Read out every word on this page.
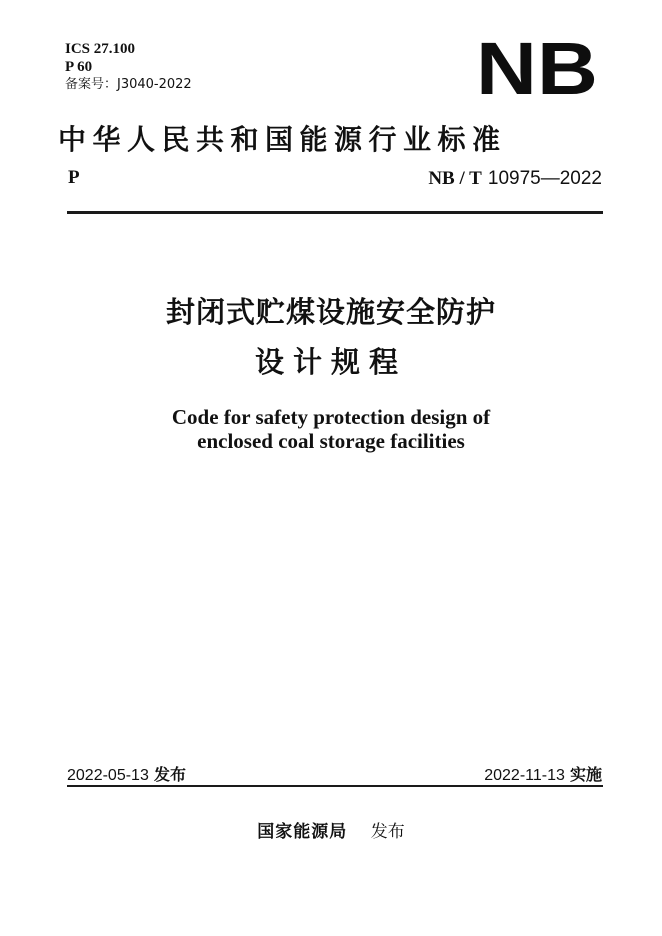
ICS 27.100

P 60

备案号：J3040-2022	NB
中华人民共和国能源行业标准
P	NB / T 10975—2022
封闭式贮煤设施安全防护
设计规程
Code for safety protection design of
enclosed coal storage facilities
2022-05-13 发布	2022-11-13 实施
国家能源局 发布
